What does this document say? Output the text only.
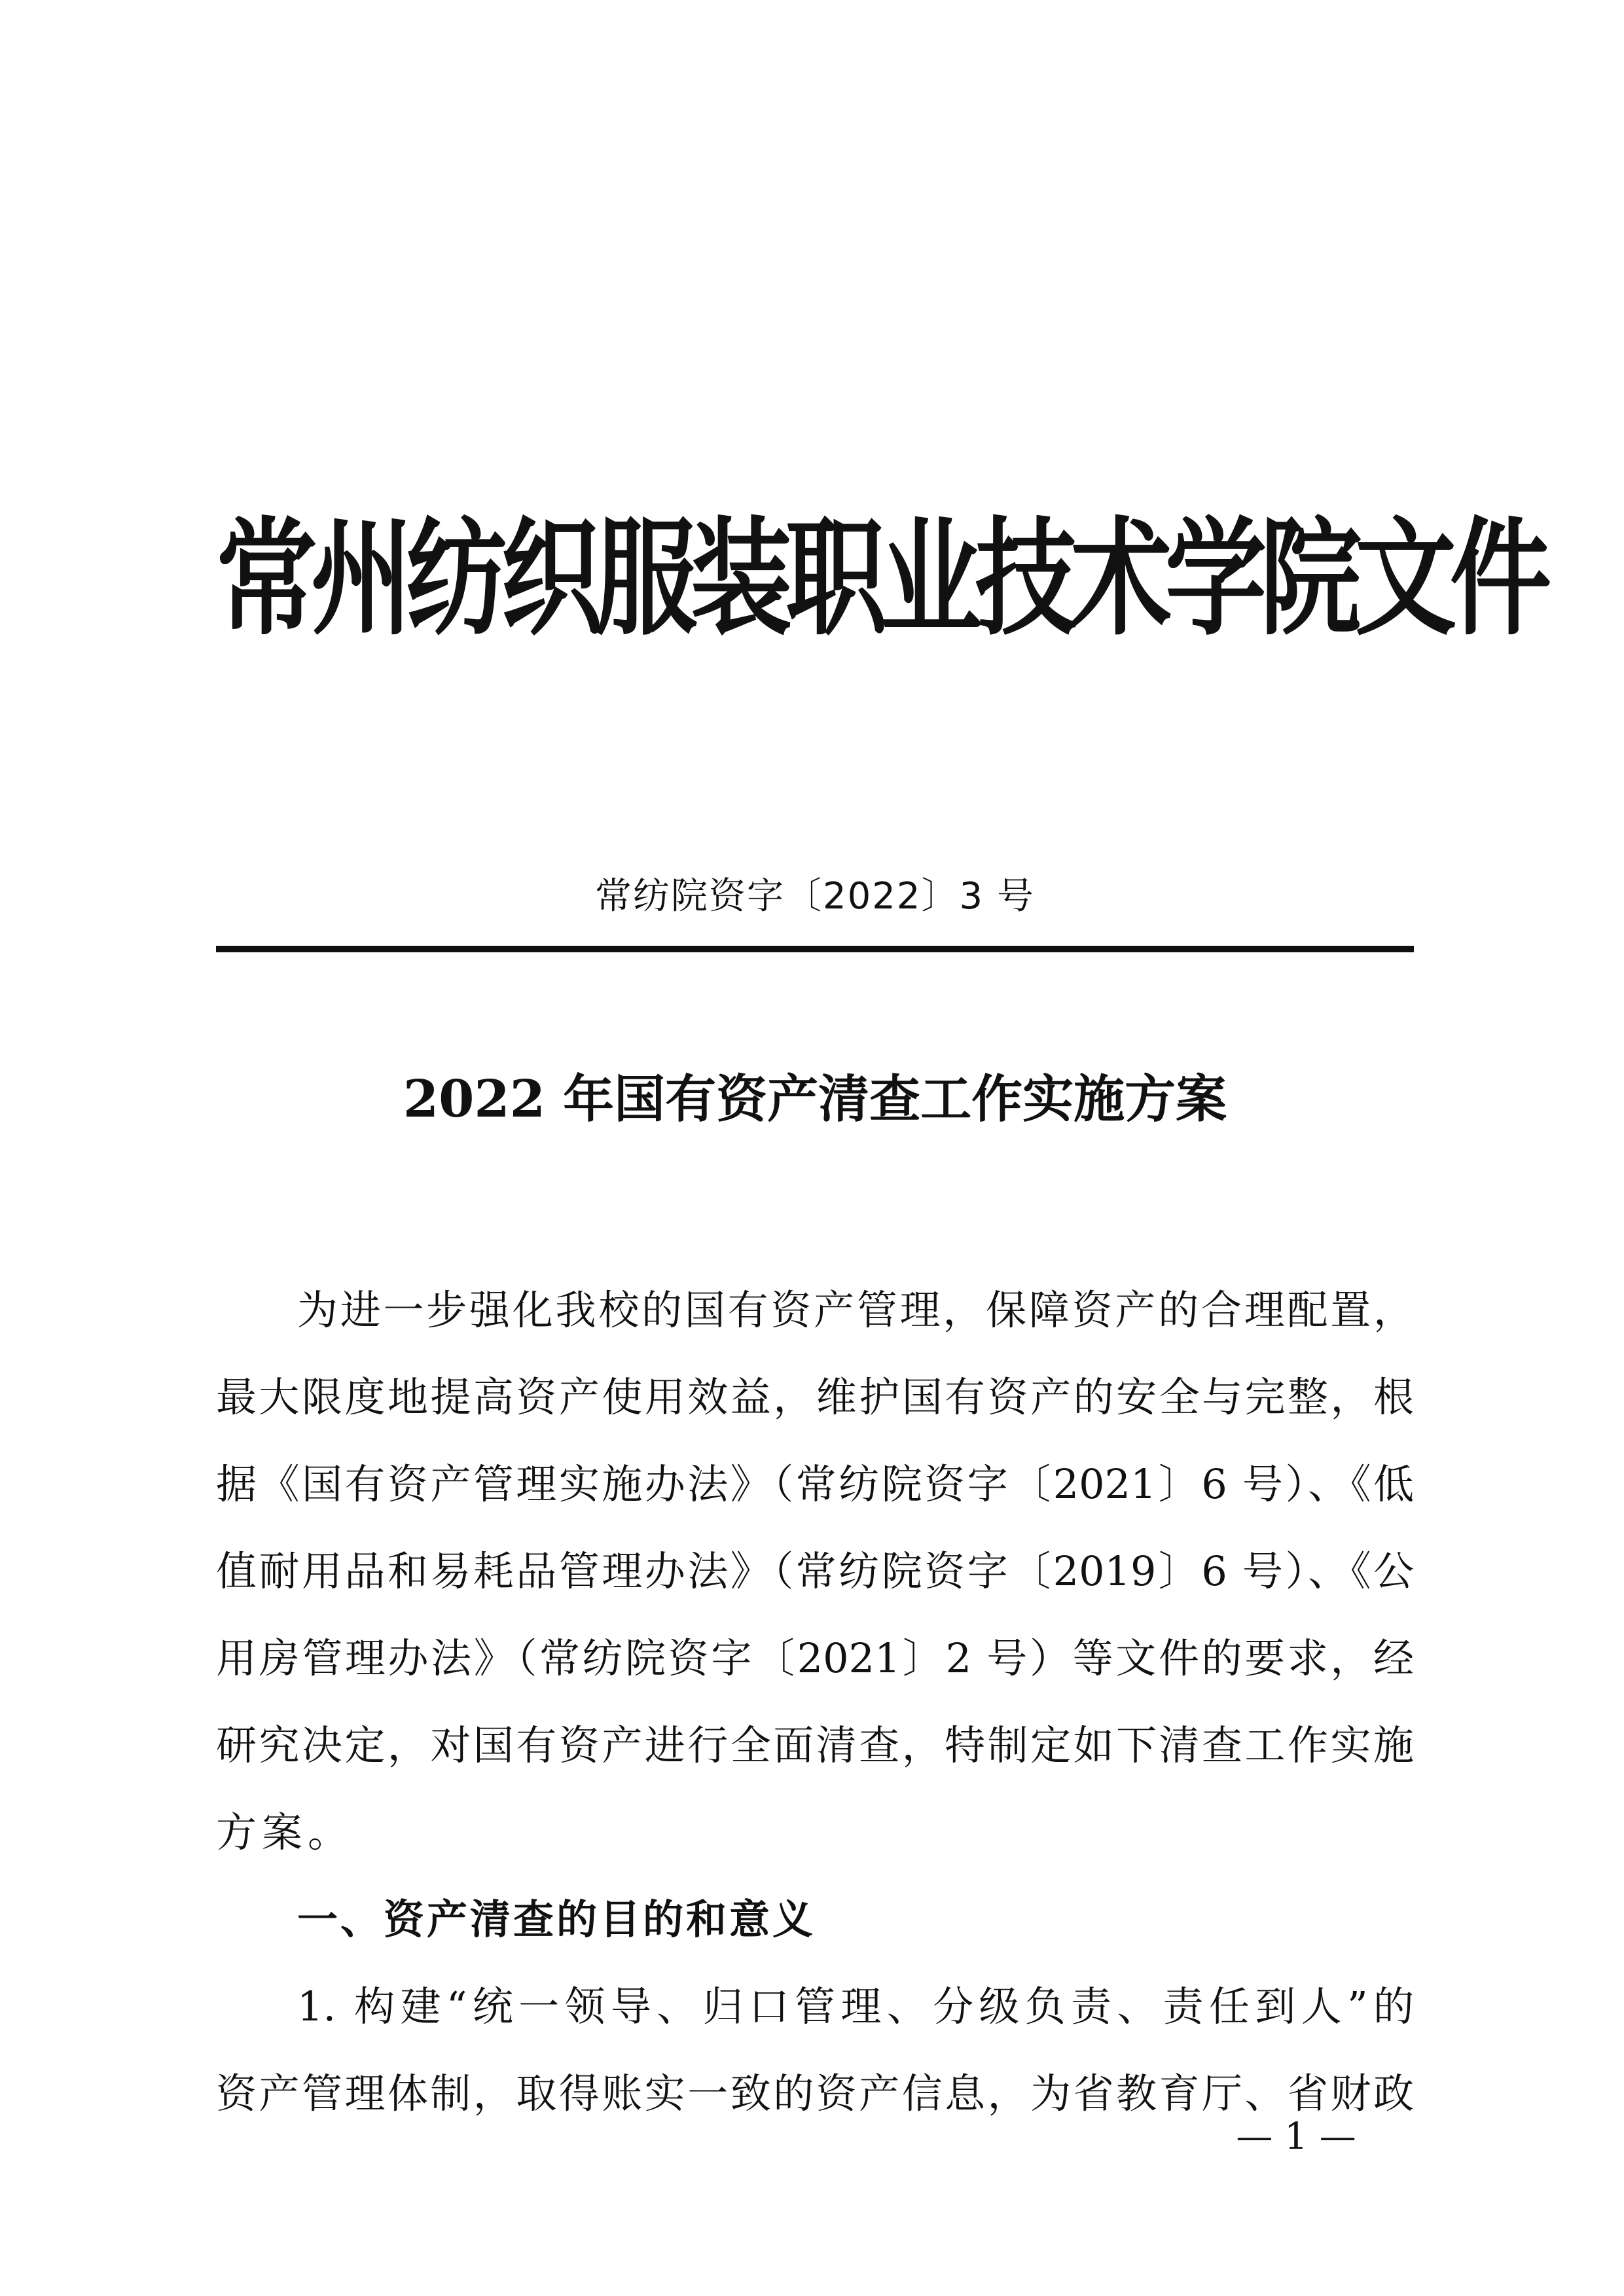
常州纺织服装职业技术学院文件
常纺院资字〔2022〕3 号
2022 年国有资产清查工作实施方案
为进一步强化我校的国有资产管理，保障资产的合理配置，
最大限度地提高资产使用效益，维护国有资产的安全与完整，根
据《国有资产管理实施办法》（常纺院资字〔2021〕6 号）、《低
值耐用品和易耗品管理办法》（常纺院资字〔2019〕6 号）、《公
用房管理办法》（常纺院资字〔2021〕2 号）等文件的要求，经
研究决定，对国有资产进行全面清查，特制定如下清查工作实施
方案。
一、资产清查的目的和意义
1. 构建“统一领导、归口管理、分级负责、责任到人”的
资产管理体制，取得账实一致的资产信息，为省教育厅、省财政
— 1 —
